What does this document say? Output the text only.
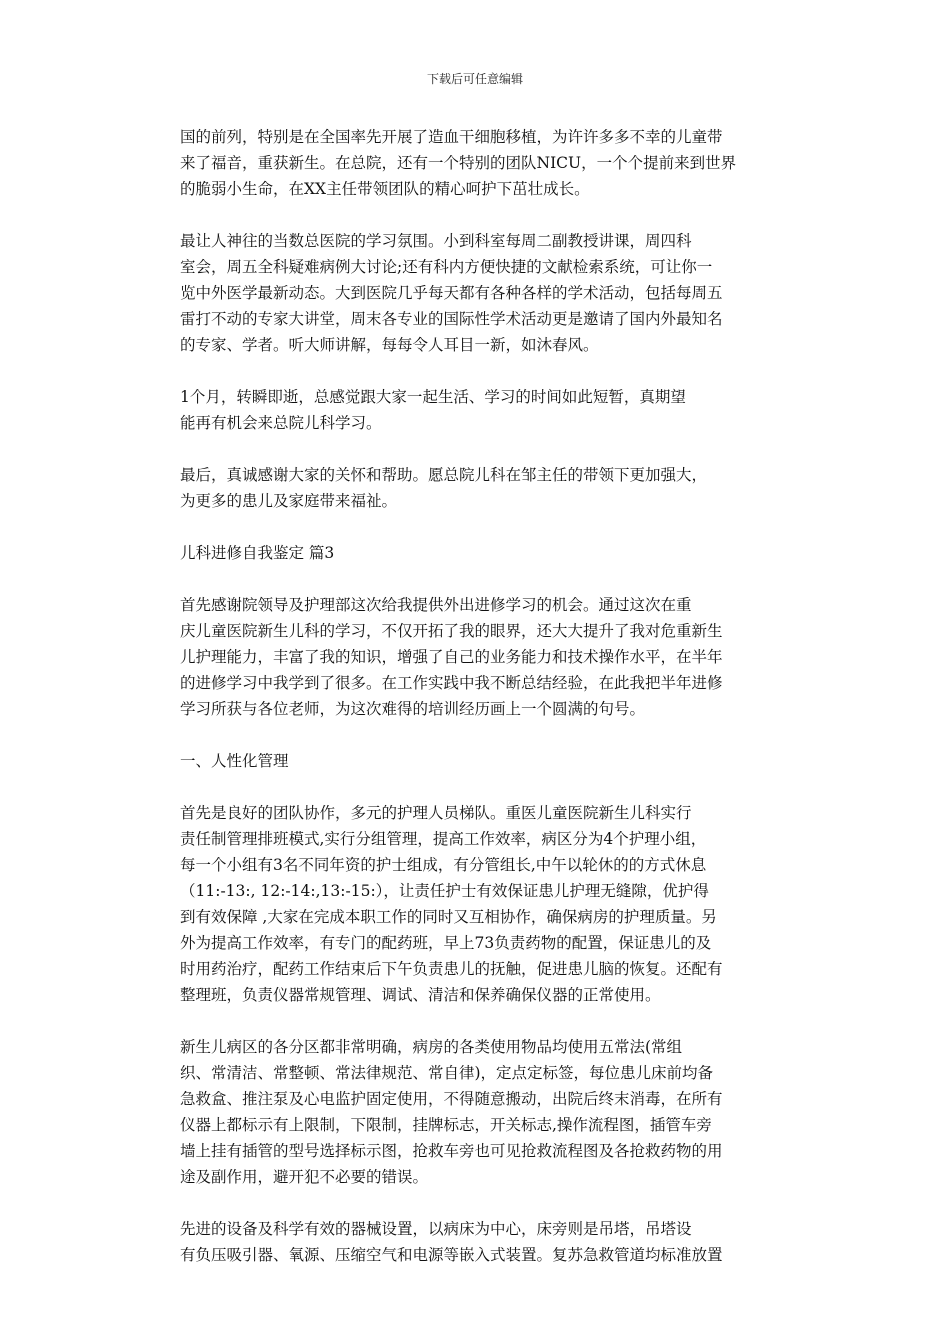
下载后可任意编辑
国的前列，特别是在全国率先开展了造血干细胞移植，为许许多多不幸的儿童带
来了福音，重获新生。在总院，还有一个特别的团队NICU，一个个提前来到世界
的脆弱小生命，在XX主任带领团队的精心呵护下茁壮成长。
最让人神往的当数总医院的学习氛围。小到科室每周二副教授讲课，周四科
室会，周五全科疑难病例大讨论;还有科内方便快捷的文献检索系统，可让你一
览中外医学最新动态。大到医院几乎每天都有各种各样的学术活动，包括每周五
雷打不动的专家大讲堂，周末各专业的国际性学术活动更是邀请了国内外最知名
的专家、学者。听大师讲解，每每令人耳目一新，如沐春风。
1个月，转瞬即逝，总感觉跟大家一起生活、学习的时间如此短暂，真期望
能再有机会来总院儿科学习。
最后，真诚感谢大家的关怀和帮助。愿总院儿科在邹主任的带领下更加强大，
为更多的患儿及家庭带来福祉。
儿科进修自我鉴定 篇3
首先感谢院领导及护理部这次给我提供外出进修学习的机会。通过这次在重
庆儿童医院新生儿科的学习，不仅开拓了我的眼界，还大大提升了我对危重新生
儿护理能力，丰富了我的知识，增强了自己的业务能力和技术操作水平，在半年
的进修学习中我学到了很多。在工作实践中我不断总结经验，在此我把半年进修
学习所获与各位老师，为这次难得的培训经历画上一个圆满的句号。
一、人性化管理
首先是良好的团队协作，多元的护理人员梯队。重医儿童医院新生儿科实行
责任制管理排班模式,实行分组管理，提高工作效率，病区分为4个护理小组，
每一个小组有3名不同年资的护士组成，有分管组长,中午以轮休的的方式休息
（11:-13:, 12:-14:,13:-15:），让责任护士有效保证患儿护理无缝隙，优护得
到有效保障 ,大家在完成本职工作的同时又互相协作，确保病房的护理质量。另
外为提高工作效率，有专门的配药班，早上73负责药物的配置，保证患儿的及
时用药治疗，配药工作结束后下午负责患儿的抚触，促进患儿脑的恢复。还配有
整理班，负责仪器常规管理、调试、清洁和保养确保仪器的正常使用。
新生儿病区的各分区都非常明确，病房的各类使用物品均使用五常法(常组
织、常清洁、常整顿、常法律规范、常自律)，定点定标签，每位患儿床前均备
急救盒、推注泵及心电监护固定使用，不得随意搬动，出院后终末消毒，在所有
仪器上都标示有上限制，下限制，挂牌标志，开关标志,操作流程图，插管车旁
墙上挂有插管的型号选择标示图，抢救车旁也可见抢救流程图及各抢救药物的用
途及副作用，避开犯不必要的错误。
先进的设备及科学有效的器械设置，以病床为中心，床旁则是吊塔，吊塔设
有负压吸引器、氧源、压缩空气和电源等嵌入式装置。复苏急救管道均标准放置
